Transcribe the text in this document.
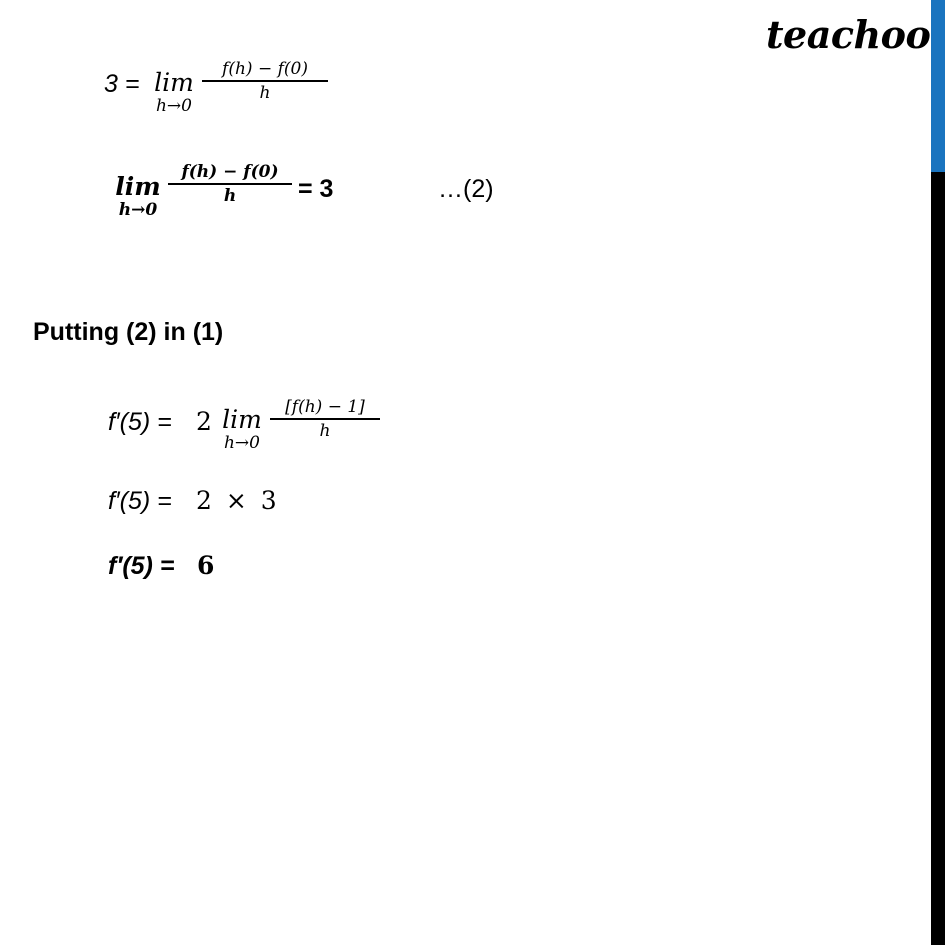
teachoo
3 = lim
h→0
f(h) − f(0)
h
lim
h→0
f(h) − f(0)
h	= 3	…(2)
Putting (2) in (1)
f′(5) = 2 lim
h→0
[f(h) − 1]
h
f′(5) = 2 × 3
f′(5) = 6
